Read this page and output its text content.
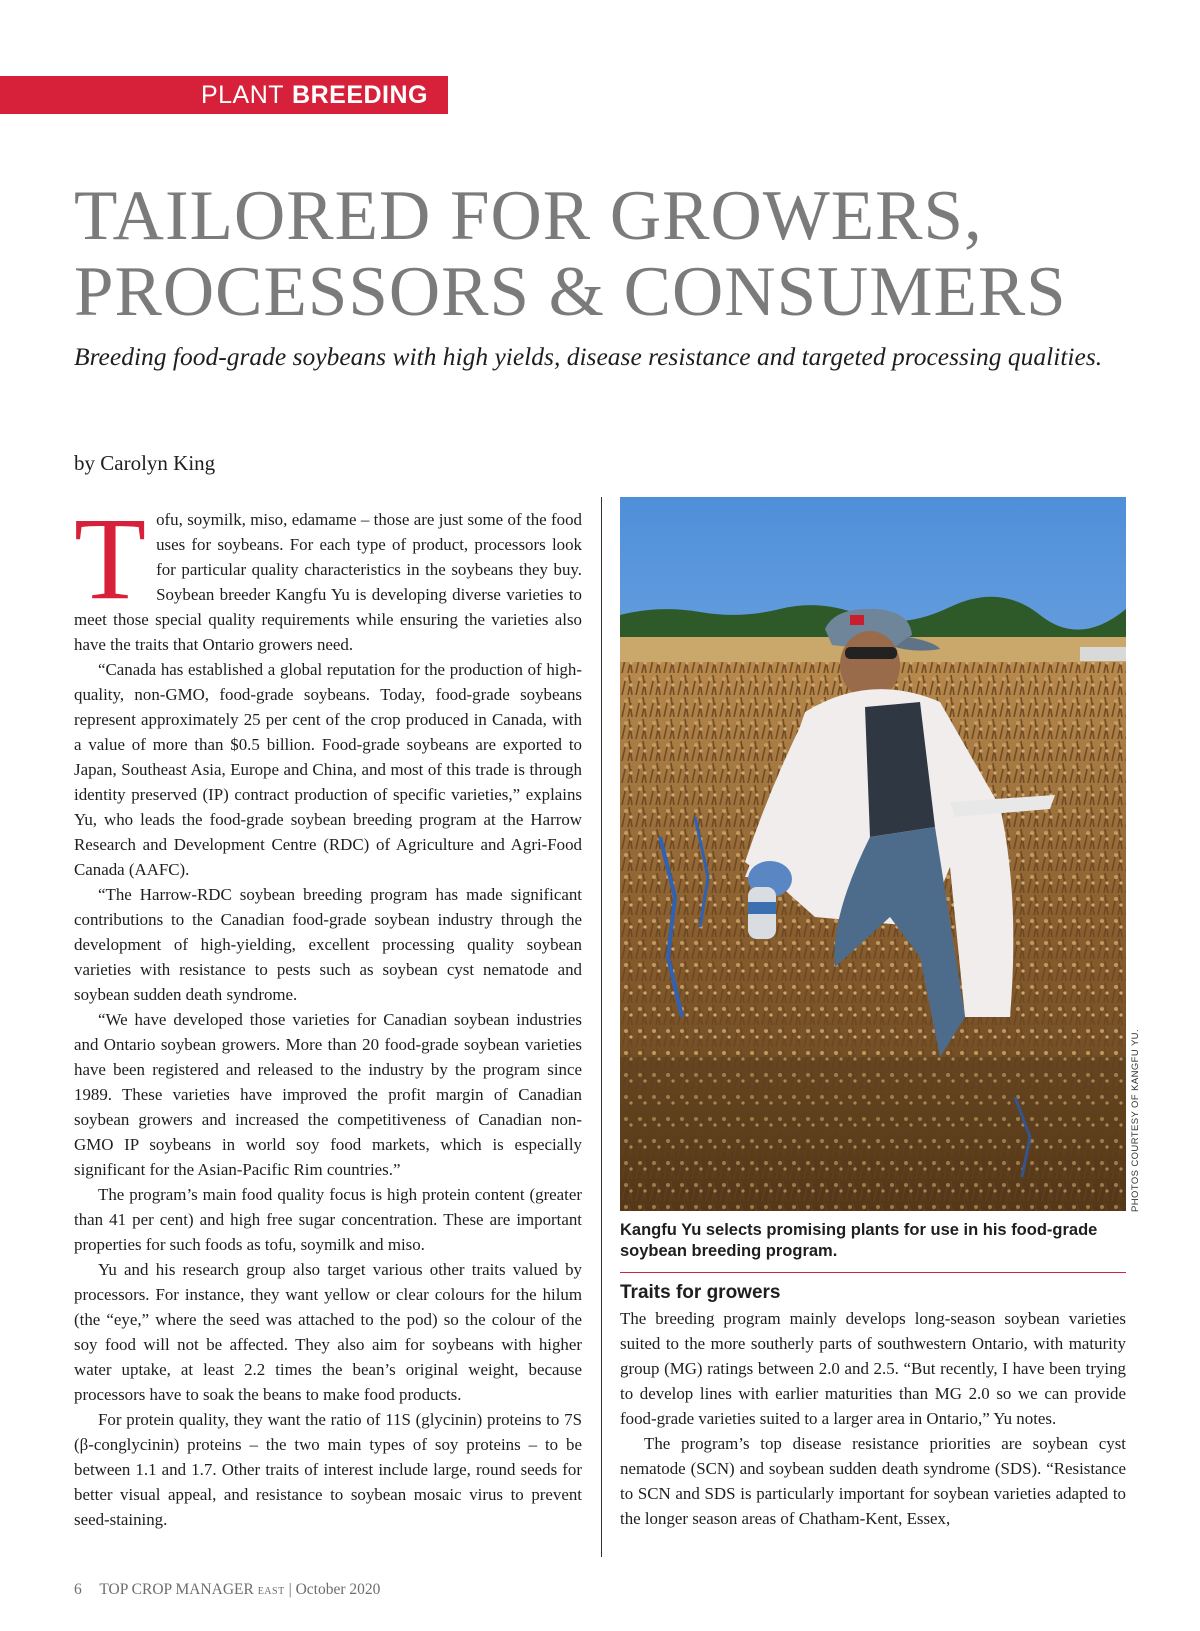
PLANT BREEDING
TAILORED FOR GROWERS,
PROCESSORS & CONSUMERS

Breeding food-grade soybeans with high yields, disease resistance and targeted processing qualities.

by Carolyn King

Tofu, soymilk, miso, edamame – those are just some of the food uses for soybeans. For each type of product, processors look for particular quality characteristics in the soybeans they buy. Soybean breeder Kangfu Yu is developing diverse varieties to meet those special quality requirements while ensuring the varieties also have the traits that Ontario growers need.

“Canada has established a global reputation for the production of high-quality, non-GMO, food-grade soybeans. Today, food-grade soybeans represent approximately 25 per cent of the crop produced in Canada, with a value of more than $0.5 billion. Food-grade soybeans are exported to Japan, Southeast Asia, Europe and China, and most of this trade is through identity preserved (IP) contract production of specific varieties,” explains Yu, who leads the food-grade soybean breeding program at the Harrow Research and Development Centre (RDC) of Agriculture and Agri-Food Canada (AAFC).

“The Harrow-RDC soybean breeding program has made significant contributions to the Canadian food-grade soybean industry through the development of high-yielding, excellent processing quality soybean varieties with resistance to pests such as soybean cyst nematode and soybean sudden death syndrome.

“We have developed those varieties for Canadian soybean industries and Ontario soybean growers. More than 20 food-grade soybean varieties have been registered and released to the industry by the program since 1989. These varieties have improved the profit margin of Canadian soybean growers and increased the competitiveness of Canadian non-GMO IP soybeans in world soy food markets, which is especially significant for the Asian-Pacific Rim countries.”

The program’s main food quality focus is high protein content (greater than 41 per cent) and high free sugar concentration. These are important properties for such foods as tofu, soymilk and miso.

Yu and his research group also target various other traits valued by processors. For instance, they want yellow or clear colours for the hilum (the “eye,” where the seed was attached to the pod) so the colour of the soy food will not be affected. They also aim for soybeans with higher water uptake, at least 2.2 times the bean’s original weight, because processors have to soak the beans to make food products.

For protein quality, they want the ratio of 11S (glycinin) proteins to 7S (β-conglycinin) proteins – the two main types of soy proteins – to be between 1.1 and 1.7. Other traits of interest include large, round seeds for better visual appeal, and resistance to soybean mosaic virus to prevent seed-staining.

PHOTOS COURTESY OF KANGFU YU.
Kangfu Yu selects promising plants for use in his food-grade soybean breeding program.
Traits for growers

The breeding program mainly develops long-season soybean varieties suited to the more southerly parts of southwestern Ontario, with maturity group (MG) ratings between 2.0 and 2.5. “But recently, I have been trying to develop lines with earlier maturities than MG 2.0 so we can provide food-grade varieties suited to a larger area in Ontario,” Yu notes.

The program’s top disease resistance priorities are soybean cyst nematode (SCN) and soybean sudden death syndrome (SDS). “Resistance to SCN and SDS is particularly important for soybean varieties adapted to the longer season areas of Chatham-Kent, Essex,

6 TOP CROP MANAGER EAST | October 2020
